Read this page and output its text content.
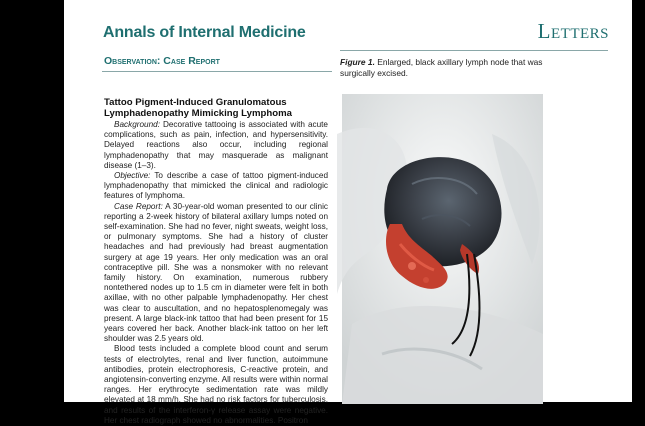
Annals of Internal Medicine	Letters
Observation: Case Report
Tattoo Pigment-Induced Granulomatous Lymphadenopathy Mimicking Lymphoma

Background: Decorative tattooing is associated with acute complications, such as pain, infection, and hypersensitivity. Delayed reactions also occur, including regional lymphadenopathy that may masquerade as malignant disease (1–3).

Objective: To describe a case of tattoo pigment-induced lymphadenopathy that mimicked the clinical and radiologic features of lymphoma.

Case Report: A 30-year-old woman presented to our clinic reporting a 2-week history of bilateral axillary lumps noted on self-examination. She had no fever, night sweats, weight loss, or pulmonary symptoms. She had a history of cluster headaches and had previously had breast augmentation surgery at age 19 years. Her only medication was an oral contraceptive pill. She was a nonsmoker with no relevant family history. On examination, numerous rubbery nontethered nodes up to 1.5 cm in diameter were felt in both axillae, with no other palpable lymphadenopathy. Her chest was clear to auscultation, and no hepatosplenomegaly was present. A large black-ink tattoo that had been present for 15 years covered her back. Another black-ink tattoo on her left shoulder was 2.5 years old.

Blood tests included a complete blood count and serum tests of electrolytes, renal and liver function, autoimmune antibodies, protein electrophoresis, C-reactive protein, and angiotensin-converting enzyme. All results were within normal ranges. Her erythrocyte sedimentation rate was mildly elevated at 18 mm/h. She had no risk factors for tuberculosis, and results of the interferon-γ release assay were negative. Her chest radiograph showed no abnormalities. Positron

Figure 1. Enlarged, black axillary lymph node that was surgically excised.
